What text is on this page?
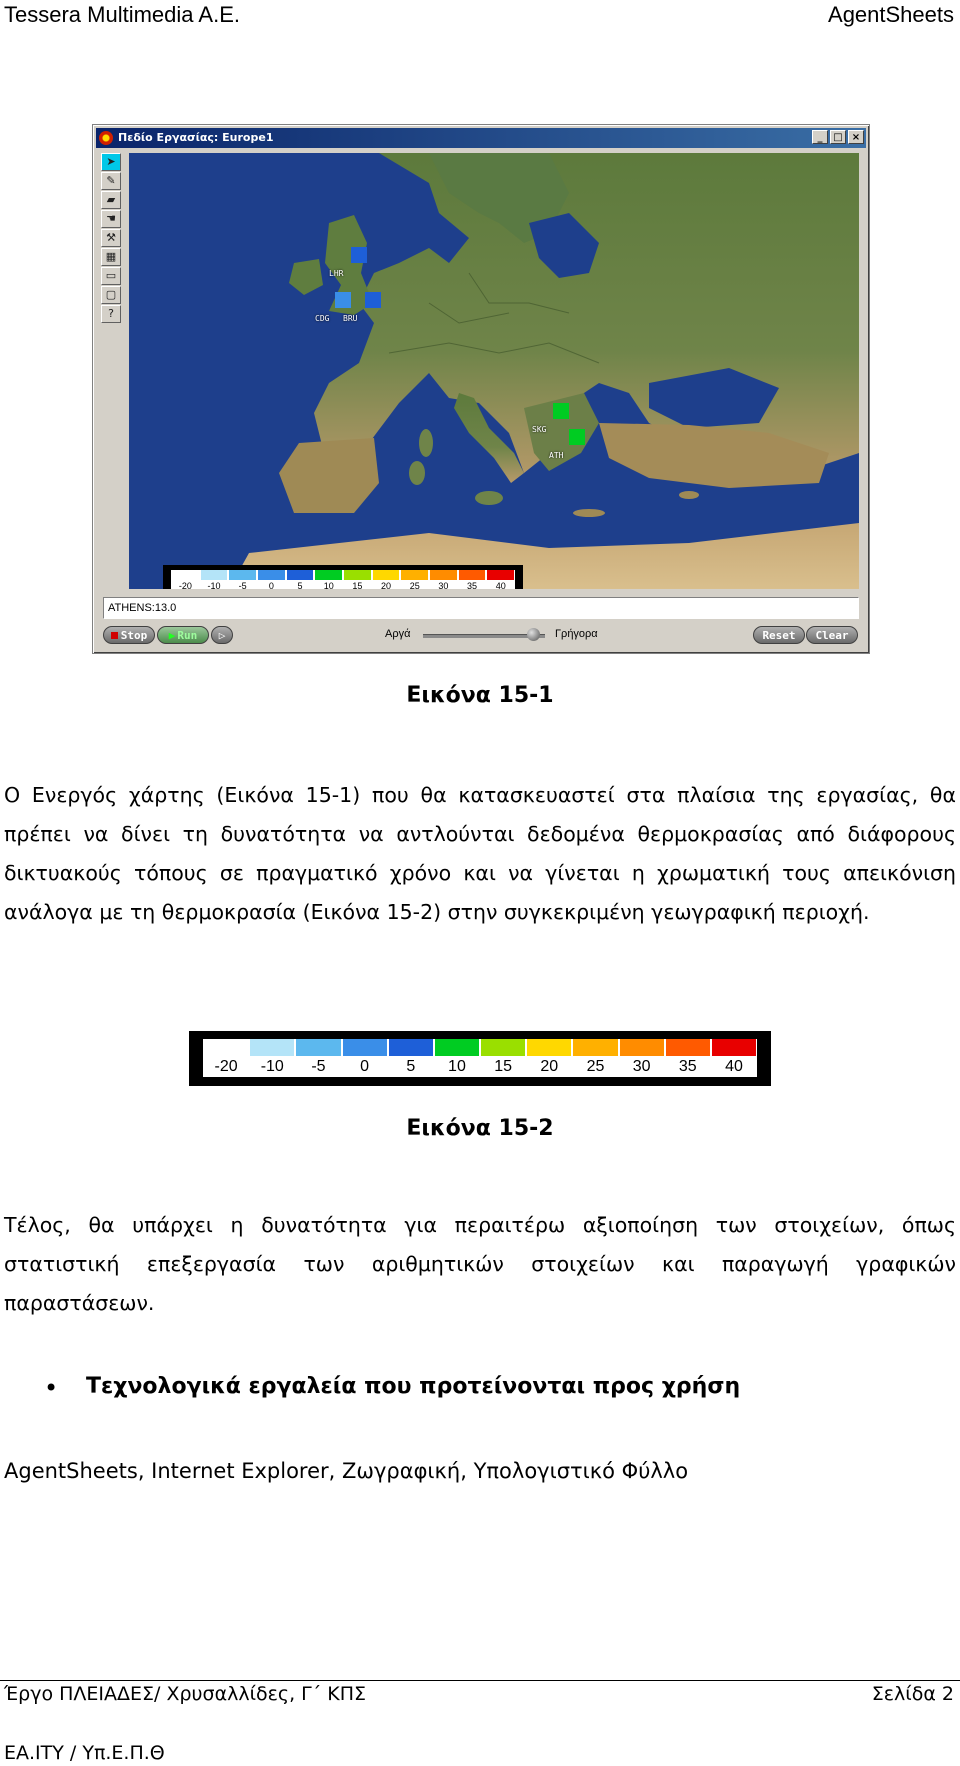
Tessera Multimedia A.E.	AgentSheets
Πεδίο Εργασίας: Europe1	_	□ ×
➤
✎
▰
☚
⚒
▦
▭
▢
?
LHR
CDG BRU
SKG
ATH
-20	-10	-5	0	5	10	15	20	25	30	35	40
ATHENS:13.0
Stop	▶ Run	▷	Αργά	Γρήγορα	Reset	Clear
Εικόνα 15-1

Ο Ενεργός χάρτης (Εικόνα 15-1) που θα κατασκευαστεί στα πλαίσια της εργασίας, θα πρέπει να δίνει τη δυνατότητα να αντλούνται δεδομένα θερμοκρασίας από διάφορους δικτυακούς τόπους σε πραγματικό χρόνο και να γίνεται η χρωματική τους απεικόνιση ανάλογα με τη θερμοκρασία (Εικόνα 15-2) στην συγκεκριμένη γεωγραφική περιοχή.

-20	-10	-5	0	5	10	15	20	25	30	35	40
Εικόνα 15-2

Τέλος, θα υπάρχει η δυνατότητα για περαιτέρω αξιοποίηση των στοιχείων, όπως στατιστική επεξεργασία των αριθμητικών στοιχείων και παραγωγή γραφικών παραστάσεων.

• Τεχνολογικά εργαλεία που προτείνονται προς χρήση
AgentSheets, Internet Explorer, Ζωγραφική, Υπολογιστικό Φύλλο
Έργο ΠΛΕΙΑΔΕΣ/ Χρυσαλλίδες, Γ΄ ΚΠΣ	Σελίδα 2
ΕΑ.ΙΤΥ / Υπ.Ε.Π.Θ
